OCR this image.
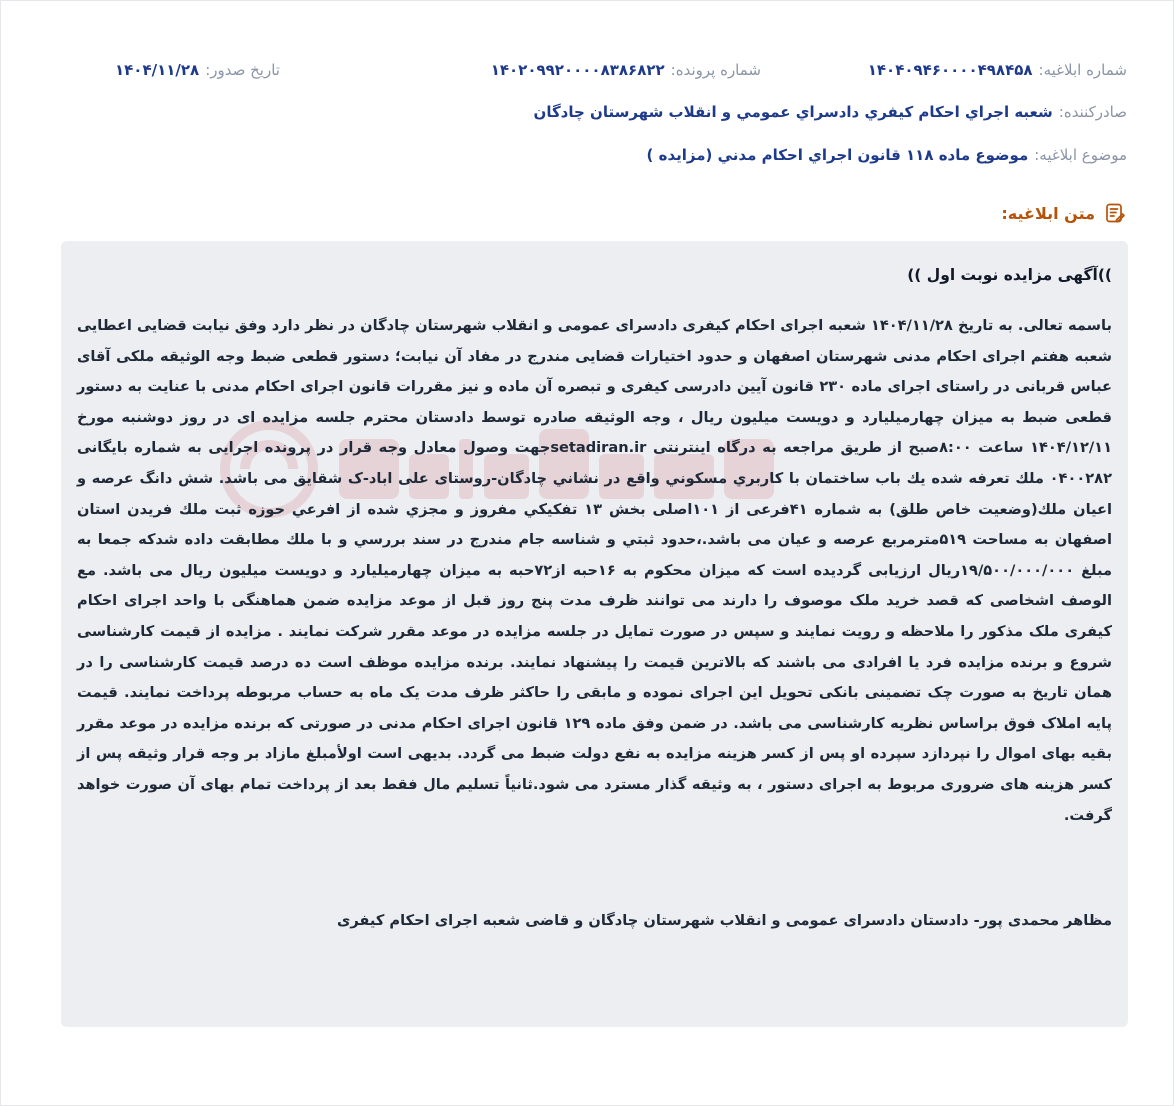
شماره ابلاغیه:
۱۴۰۴۰۹۴۶۰۰۰۰۴۹۸۴۵۸
شماره پرونده:
۱۴۰۲۰۹۹۲۰۰۰۰۸۳۸۶۸۲۲
تاریخ صدور:
۱۴۰۴/۱۱/۲۸
صادرکننده:
شعبه اجراي احکام کيفري دادسراي عمومي و انقلاب شهرستان چادگان
موضوع ابلاغیه:
موضوع ماده ۱۱۸ قانون اجراي احکام مدني (مزايده )
متن ابلاغیه:
))آگهی مزایده نوبت اول ))
باسمه تعالی. به تاریخ ۱۴۰۴/۱۱/۲۸ شعبه اجرای احکام کیفری دادسرای عمومی و انقلاب شهرستان چادگان در نظر دارد وفق نیابت قضایی اعطایی شعبه هفتم اجرای احکام مدنی شهرستان اصفهان و حدود اختیارات قضایی مندرج در مفاد آن نیابت؛ دستور قطعی ضبط وجه الوثیقه ملکی آقای عباس قربانی در راستای اجرای ماده ۲۳۰ قانون آیین دادرسی کیفری و تبصره آن ماده و نیز مقررات قانون اجرای احکام مدنی با عنایت به دستور قطعی ضبط به میزان چهارمیلیارد و دویست میلیون ریال ، وجه الوثیقه صادره توسط دادستان محترم جلسه مزایده ای در روز دوشنبه مورخ ۱۴۰۴/۱۲/۱۱ ساعت ۸:۰۰صبح از طریق مراجعه به درگاه اینترنتی setadiran.irجهت وصول معادل وجه قرار در پرونده اجرایی به شماره بایگانی ۰۴۰۰۲۸۲ ملك تعرفه شده يك باب ساختمان با كاربري مسكوني واقع در نشاني چادگان-روستای علی اباد-ک شقایق می باشد. شش دانگ عرصه و اعيان ملك(وضعيت خاص طلق) به شماره ۴۱فرعی از ۱۰۱اصلی بخش ۱۳ تفكيكي مفروز و مجزي شده از افرعي حوزه ثبت ملك فريدن استان اصفهان به مساحت ۵۱۹مترمربع عرصه و عيان می باشد.،حدود ثبتي و شناسه جام مندرج در سند بررسي و با ملك مطابقت داده شدكه جمعا به مبلغ ۱۹/۵۰۰/۰۰۰/۰۰۰ريال ارزيابی گرديده است كه ميزان محكوم به ۱۶حبه از۷۲حبه به میزان چهارمیلیارد و دویست میلیون ریال می باشد. مع الوصف اشخاصی كه قصد خريد ملک موصوف را دارند می توانند ظرف مدت پنج روز قبل از موعد مزايده ضمن هماهنگی با واحد اجرای احكام كيفری ملک مذكور را ملاحظه و رويت نمايند و سپس در صورت تمايل در جلسه مزايده در موعد مقرر شركت نمايند . مزايده از قيمت كارشناسی شروع و برنده مزايده فرد يا افرادی می باشند كه بالاترين قيمت را پيشنهاد نمايند. برنده مزايده موظف است ده درصد قيمت كارشناسی را در همان تاريخ به صورت چک تضمينی بانكی تحويل اين اجرای نموده و مابقی را حاكثر ظرف مدت يک ماه به حساب مربوطه پرداخت نمايند. قيمت پايه املاک فوق براساس نظريه كارشناسی می باشد. در ضمن وفق ماده ۱۲۹ قانون اجرای احكام مدنی در صورتی كه برنده مزايده در موعد مقرر بقيه بهای اموال را نپردازد سپرده او پس از كسر هزينه مزايده به نفع دولت ضبط می گردد. بديهی است اولأمبلغ مازاد بر وجه قرار وثيقه پس از كسر هزينه های ضروری مربوط به اجرای دستور ، به وثيقه گذار مسترد می شود.ثانیاً تسليم مال فقط بعد از پرداخت تمام بهای آن صورت خواهد گرفت.
مظاهر محمدی پور- دادستان دادسرای عمومی و انقلاب شهرستان چادگان و قاضی شعبه اجرای احکام کیفری
